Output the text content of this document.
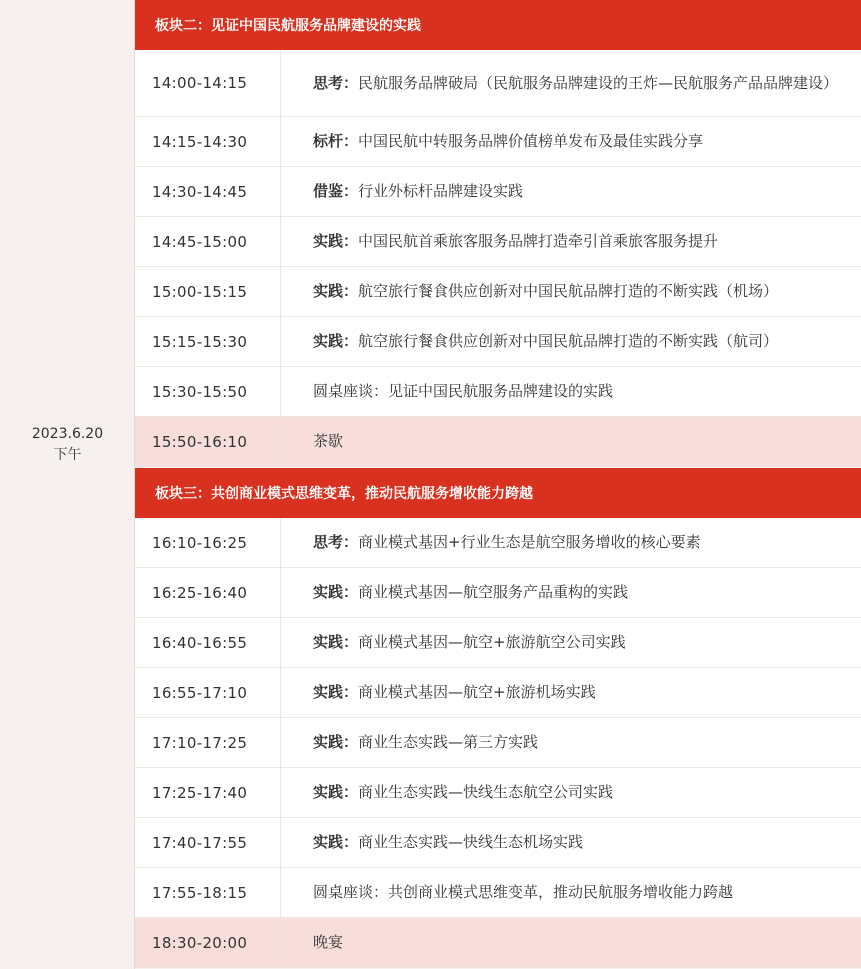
2023.6.20
下午
板块二：见证中国民航服务品牌建设的实践
14:00-14:15	思考：民航服务品牌破局（民航服务品牌建设的王炸—民航服务产品品牌建设）
14:15-14:30	标杆：中国民航中转服务品牌价值榜单发布及最佳实践分享
14:30-14:45	借鉴：行业外标杆品牌建设实践
14:45-15:00	实践：中国民航首乘旅客服务品牌打造牵引首乘旅客服务提升
15:00-15:15	实践：航空旅行餐食供应创新对中国民航品牌打造的不断实践（机场）
15:15-15:30	实践：航空旅行餐食供应创新对中国民航品牌打造的不断实践（航司）
15:30-15:50	圆桌座谈：见证中国民航服务品牌建设的实践
15:50-16:10	茶歇
板块三：共创商业模式思维变革，推动民航服务增收能力跨越
16:10-16:25	思考：商业模式基因+行业生态是航空服务增收的核心要素
16:25-16:40	实践：商业模式基因—航空服务产品重构的实践
16:40-16:55	实践：商业模式基因—航空+旅游航空公司实践
16:55-17:10	实践：商业模式基因—航空+旅游机场实践
17:10-17:25	实践：商业生态实践—第三方实践
17:25-17:40	实践：商业生态实践—快线生态航空公司实践
17:40-17:55	实践：商业生态实践—快线生态机场实践
17:55-18:15	圆桌座谈：共创商业模式思维变革，推动民航服务增收能力跨越
18:30-20:00	晚宴
